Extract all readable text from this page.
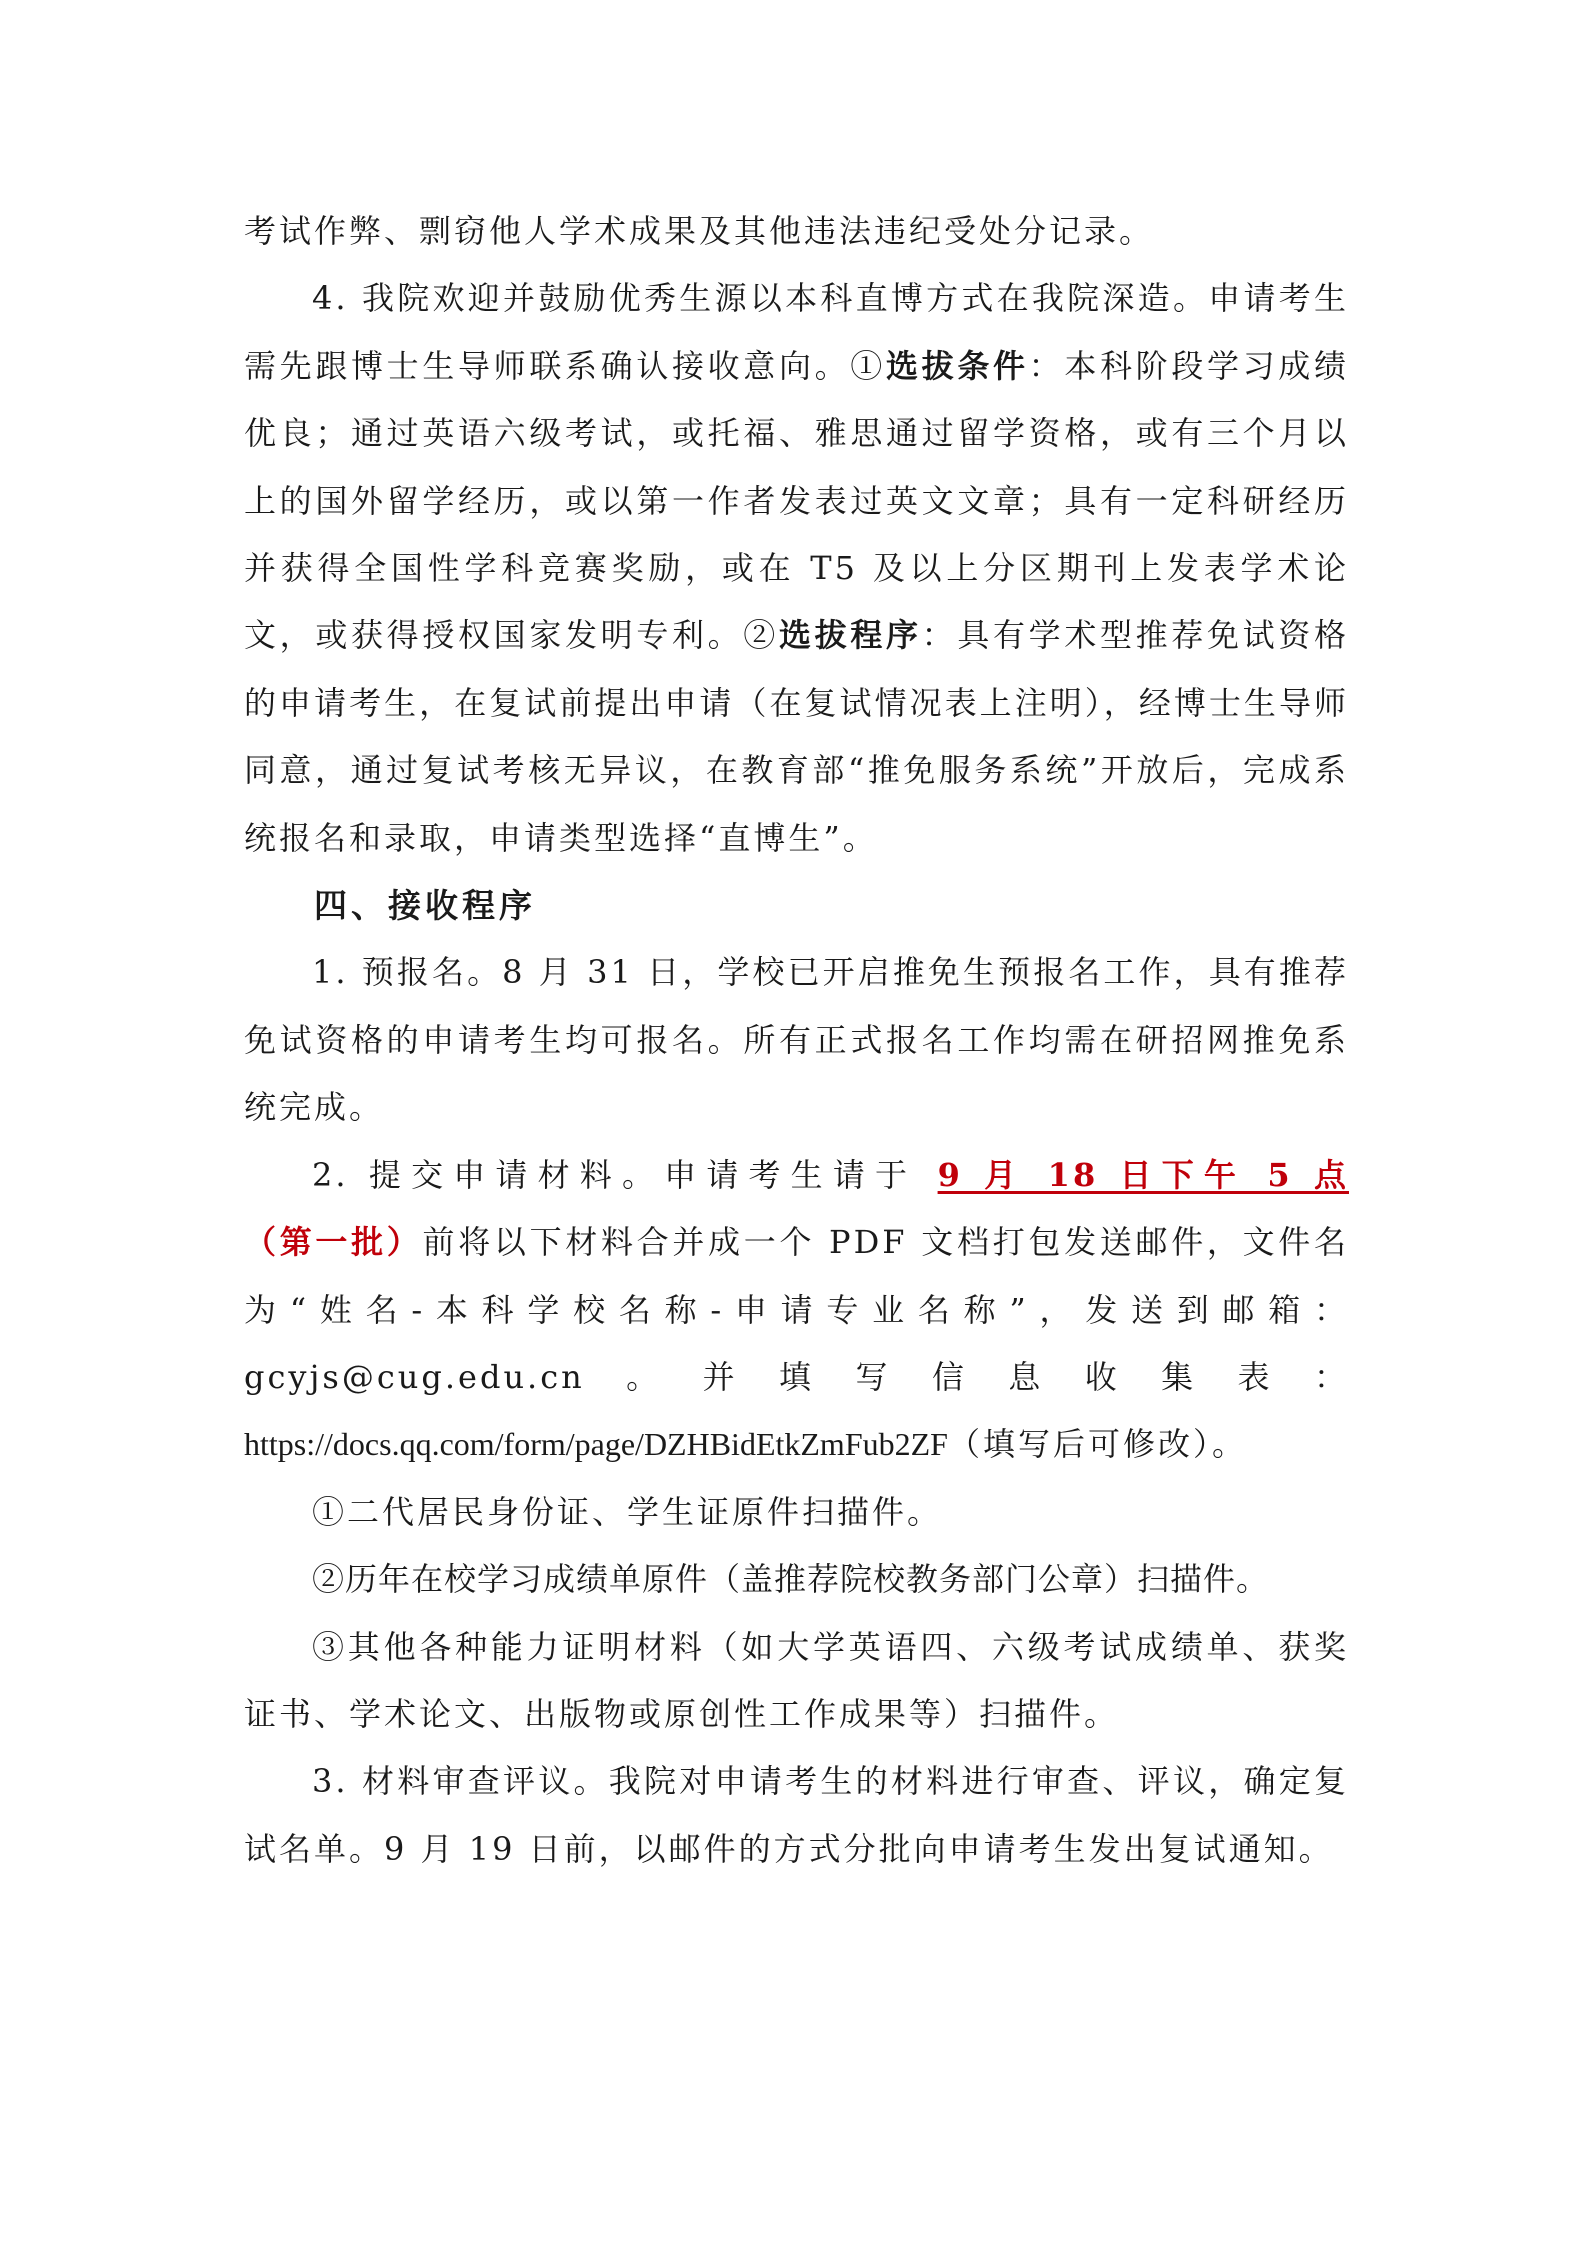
考试作弊、剽窃他人学术成果及其他违法违纪受处分记录。

4. 我院欢迎并鼓励优秀生源以本科直博方式在我院深造。申请考生需先跟博士生导师联系确认接收意向。①选拔条件：本科阶段学习成绩优良；通过英语六级考试，或托福、雅思通过留学资格，或有三个月以上的国外留学经历，或以第一作者发表过英文文章；具有一定科研经历并获得全国性学科竞赛奖励，或在 T5 及以上分区期刊上发表学术论文，或获得授权国家发明专利。②选拔程序：具有学术型推荐免试资格的申请考生，在复试前提出申请（在复试情况表上注明），经博士生导师同意，通过复试考核无异议，在教育部“推免服务系统”开放后，完成系统报名和录取，申请类型选择“直博生”。

四、接收程序

1. 预报名。8 月 31 日，学校已开启推免生预报名工作，具有推荐免试资格的申请考生均可报名。所有正式报名工作均需在研招网推免系统完成。

2. 提交申请材料。申请考生请于 9 月 18 日下午 5 点（第一批）前将以下材料合并成一个 PDF 文档打包发送邮件，文件名为“姓名-本科学校名称-申请专业名称”，发送到邮箱：gcyjs@cug.edu.cn。并填写信息收集表：https://docs.qq.com/form/page/DZHBidEtkZmFub2ZF（填写后可修改）。

①二代居民身份证、学生证原件扫描件。

②历年在校学习成绩单原件（盖推荐院校教务部门公章）扫描件。

③其他各种能力证明材料（如大学英语四、六级考试成绩单、获奖证书、学术论文、出版物或原创性工作成果等）扫描件。

3. 材料审查评议。我院对申请考生的材料进行审查、评议，确定复试名单。9 月 19 日前，以邮件的方式分批向申请考生发出复试通知。
